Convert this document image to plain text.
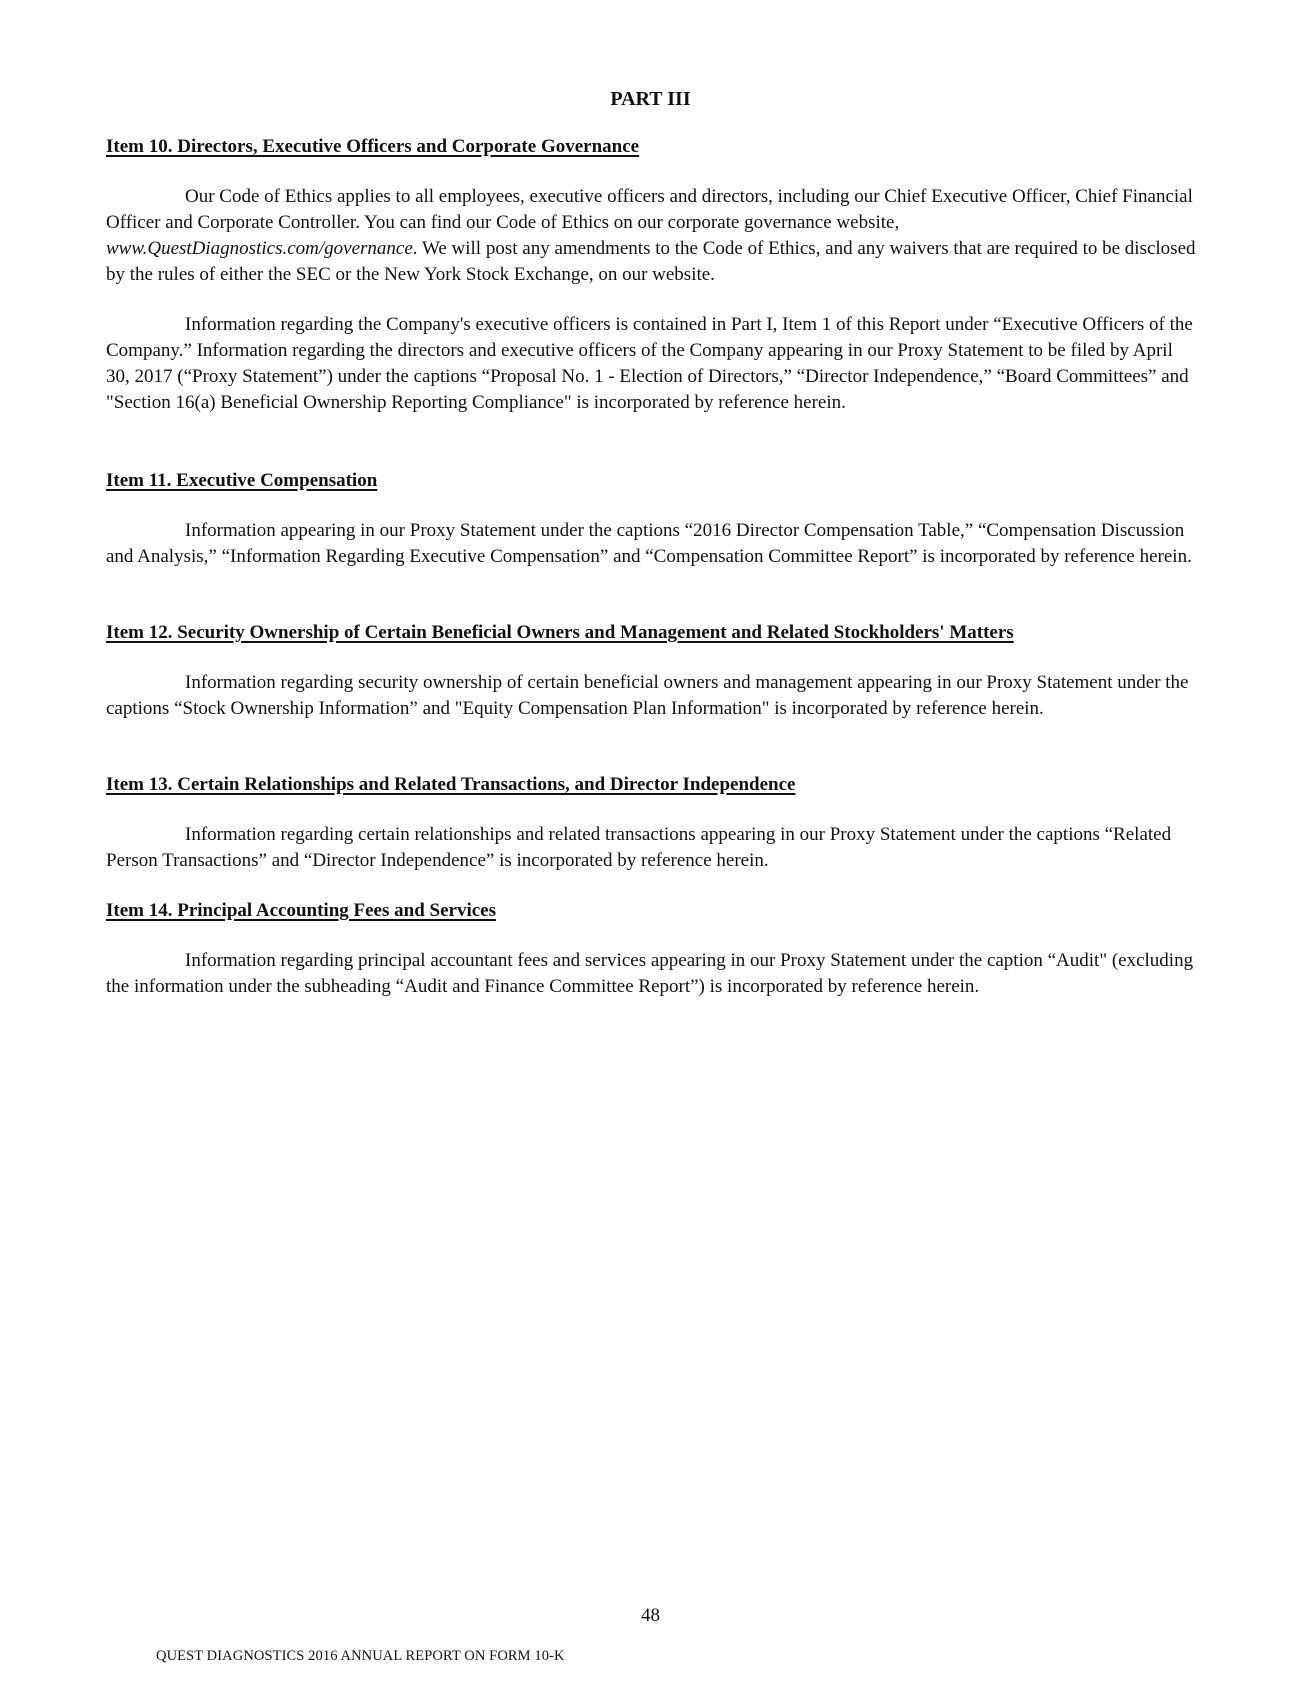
PART III
Item 10. Directors, Executive Officers and Corporate Governance

Our Code of Ethics applies to all employees, executive officers and directors, including our Chief Executive Officer, Chief Financial Officer and Corporate Controller. You can find our Code of Ethics on our corporate governance website, www.QuestDiagnostics.com/governance. We will post any amendments to the Code of Ethics, and any waivers that are required to be disclosed by the rules of either the SEC or the New York Stock Exchange, on our website.

Information regarding the Company's executive officers is contained in Part I, Item 1 of this Report under “Executive Officers of the Company.” Information regarding the directors and executive officers of the Company appearing in our Proxy Statement to be filed by April 30, 2017 (“Proxy Statement”) under the captions “Proposal No. 1 - Election of Directors,” “Director Independence,” “Board Committees” and "Section 16(a) Beneficial Ownership Reporting Compliance" is incorporated by reference herein.

Item 11. Executive Compensation

Information appearing in our Proxy Statement under the captions “2016 Director Compensation Table,” “Compensation Discussion and Analysis,” “Information Regarding Executive Compensation” and “Compensation Committee Report” is incorporated by reference herein.

Item 12. Security Ownership of Certain Beneficial Owners and Management and Related Stockholders' Matters

Information regarding security ownership of certain beneficial owners and management appearing in our Proxy Statement under the captions “Stock Ownership Information” and "Equity Compensation Plan Information" is incorporated by reference herein.

Item 13. Certain Relationships and Related Transactions, and Director Independence

Information regarding certain relationships and related transactions appearing in our Proxy Statement under the captions “Related Person Transactions” and “Director Independence” is incorporated by reference herein.

Item 14. Principal Accounting Fees and Services

Information regarding principal accountant fees and services appearing in our Proxy Statement under the caption “Audit" (excluding the information under the subheading “Audit and Finance Committee Report”) is incorporated by reference herein.

48
QUEST DIAGNOSTICS 2016 ANNUAL REPORT ON FORM 10-K
